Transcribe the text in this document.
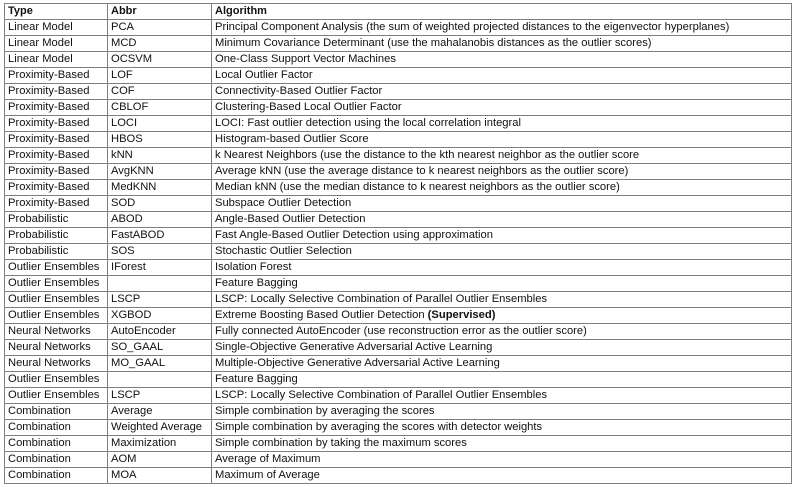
Type	Abbr	Algorithm
Linear Model	PCA	Principal Component Analysis (the sum of weighted projected distances to the eigenvector hyperplanes)
Linear Model	MCD	Minimum Covariance Determinant (use the mahalanobis distances as the outlier scores)
Linear Model	OCSVM	One-Class Support Vector Machines
Proximity-Based	LOF	Local Outlier Factor
Proximity-Based	COF	Connectivity-Based Outlier Factor
Proximity-Based	CBLOF	Clustering-Based Local Outlier Factor
Proximity-Based	LOCI	LOCI: Fast outlier detection using the local correlation integral
Proximity-Based	HBOS	Histogram-based Outlier Score
Proximity-Based	kNN	k Nearest Neighbors (use the distance to the kth nearest neighbor as the outlier score
Proximity-Based	AvgKNN	Average kNN (use the average distance to k nearest neighbors as the outlier score)
Proximity-Based	MedKNN	Median kNN (use the median distance to k nearest neighbors as the outlier score)
Proximity-Based	SOD	Subspace Outlier Detection
Probabilistic	ABOD	Angle-Based Outlier Detection
Probabilistic	FastABOD	Fast Angle-Based Outlier Detection using approximation
Probabilistic	SOS	Stochastic Outlier Selection
Outlier Ensembles	IForest	Isolation Forest
Outlier Ensembles		Feature Bagging
Outlier Ensembles	LSCP	LSCP: Locally Selective Combination of Parallel Outlier Ensembles
Outlier Ensembles	XGBOD	Extreme Boosting Based Outlier Detection (Supervised)
Neural Networks	AutoEncoder	Fully connected AutoEncoder (use reconstruction error as the outlier score)
Neural Networks	SO_GAAL	Single-Objective Generative Adversarial Active Learning
Neural Networks	MO_GAAL	Multiple-Objective Generative Adversarial Active Learning
Outlier Ensembles		Feature Bagging
Outlier Ensembles	LSCP	LSCP: Locally Selective Combination of Parallel Outlier Ensembles
Combination	Average	Simple combination by averaging the scores
Combination	Weighted Average	Simple combination by averaging the scores with detector weights
Combination	Maximization	Simple combination by taking the maximum scores
Combination	AOM	Average of Maximum
Combination	MOA	Maximum of Average
